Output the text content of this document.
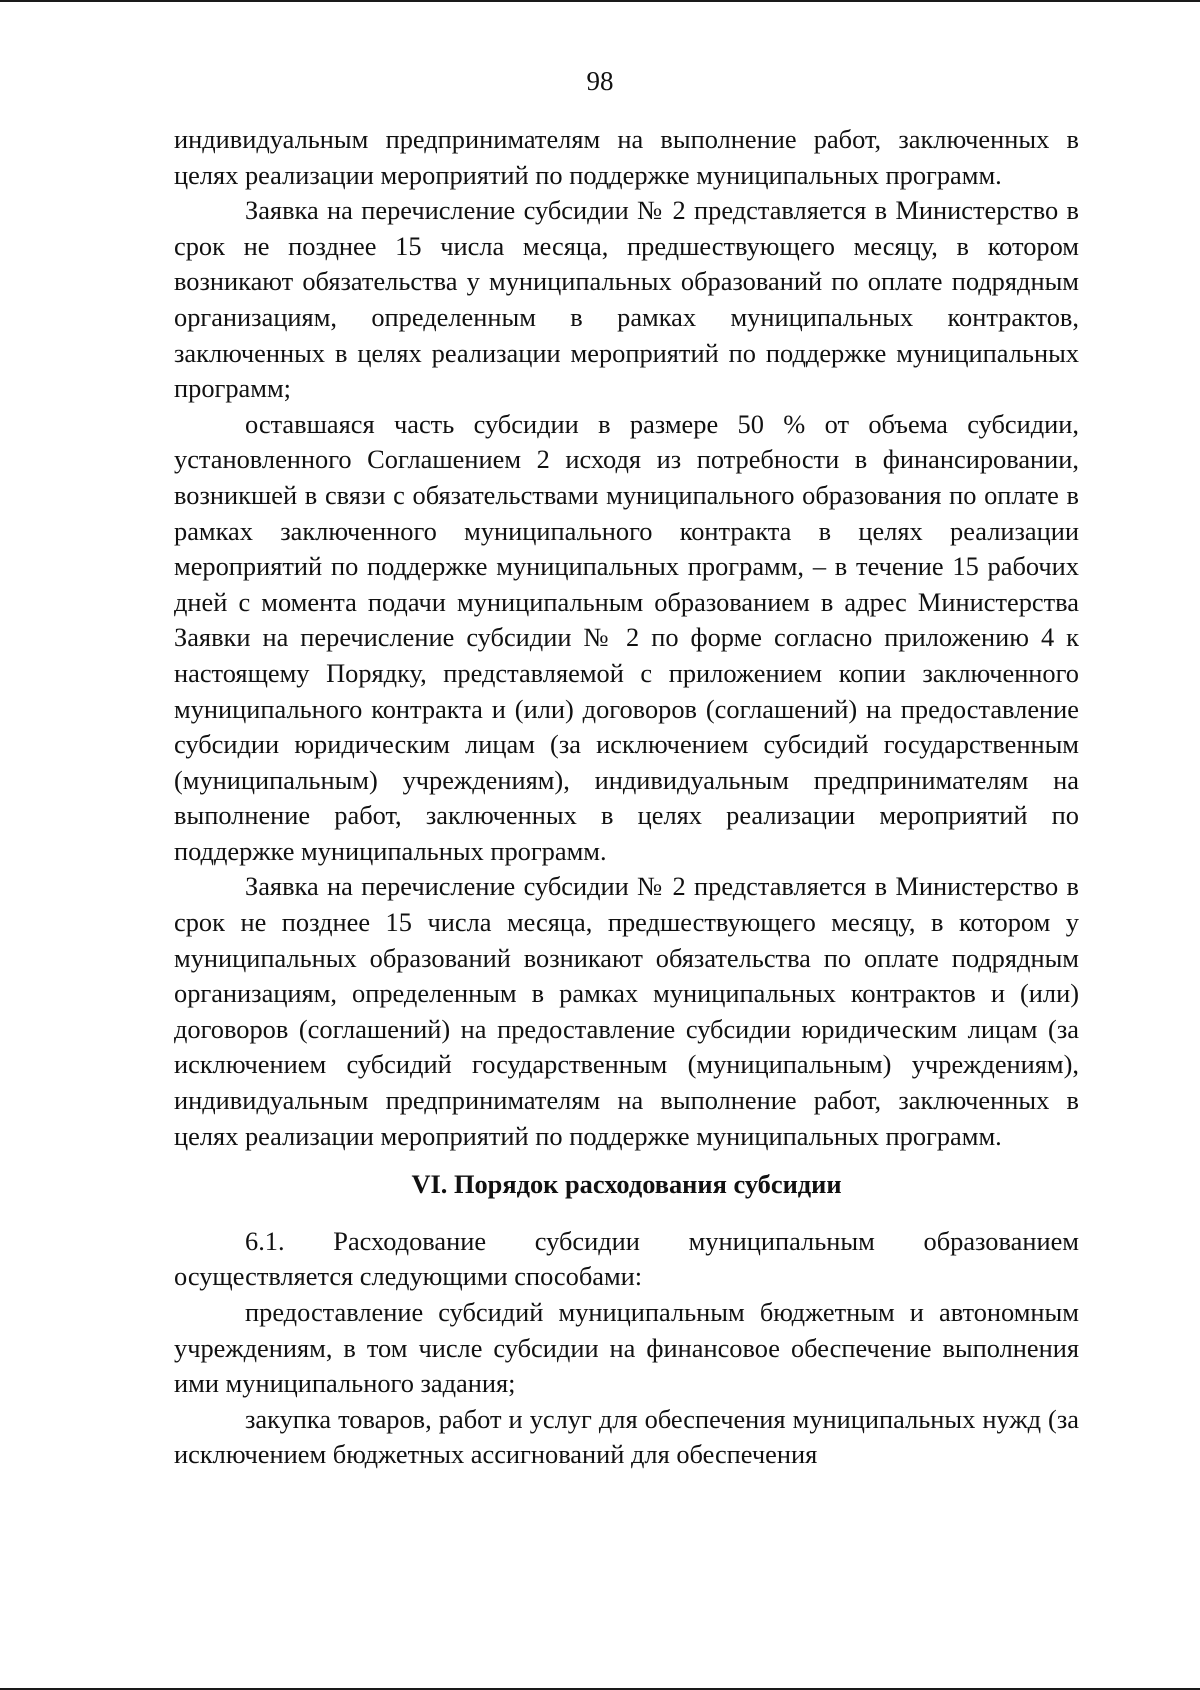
98

индивидуальным предпринимателям на выполнение работ, заключенных в целях реализации мероприятий по поддержке муниципальных программ.

Заявка на перечисление субсидии № 2 представляется в Министерство в срок не позднее 15 числа месяца, предшествующего месяцу, в котором возникают обязательства у муниципальных образований по оплате подрядным организациям, определенным в рамках муниципальных контрактов, заключенных в целях реализации мероприятий по поддержке муниципальных программ;

оставшаяся часть субсидии в размере 50 % от объема субсидии, установленного Соглашением 2 исходя из потребности в финансировании, возникшей в связи с обязательствами муниципального образования по оплате в рамках заключенного муниципального контракта в целях реализации мероприятий по поддержке муниципальных программ, – в течение 15 рабочих дней с момента подачи муниципальным образованием в адрес Министерства Заявки на перечисление субсидии № 2 по форме согласно приложению 4 к настоящему Порядку, представляемой с приложением копии заключенного муниципального контракта и (или) договоров (соглашений) на предоставление субсидии юридическим лицам (за исключением субсидий государственным (муниципальным) учреждениям), индивидуальным предпринимателям на выполнение работ, заключенных в целях реализации мероприятий по поддержке муниципальных программ.

Заявка на перечисление субсидии № 2 представляется в Министерство в срок не позднее 15 числа месяца, предшествующего месяцу, в котором у муниципальных образований возникают обязательства по оплате подрядным организациям, определенным в рамках муниципальных контрактов и (или) договоров (соглашений) на предоставление субсидии юридическим лицам (за исключением субсидий государственным (муниципальным) учреждениям), индивидуальным предпринимателям на выполнение работ, заключенных в целях реализации мероприятий по поддержке муниципальных программ.

VI. Порядок расходования субсидии

6.1. Расходование субсидии муниципальным образованием осуществляется следующими способами:

предоставление субсидий муниципальным бюджетным и автономным учреждениям, в том числе субсидии на финансовое обеспечение выполнения ими муниципального задания;

закупка товаров, работ и услуг для обеспечения муниципальных нужд (за исключением бюджетных ассигнований для обеспечения
